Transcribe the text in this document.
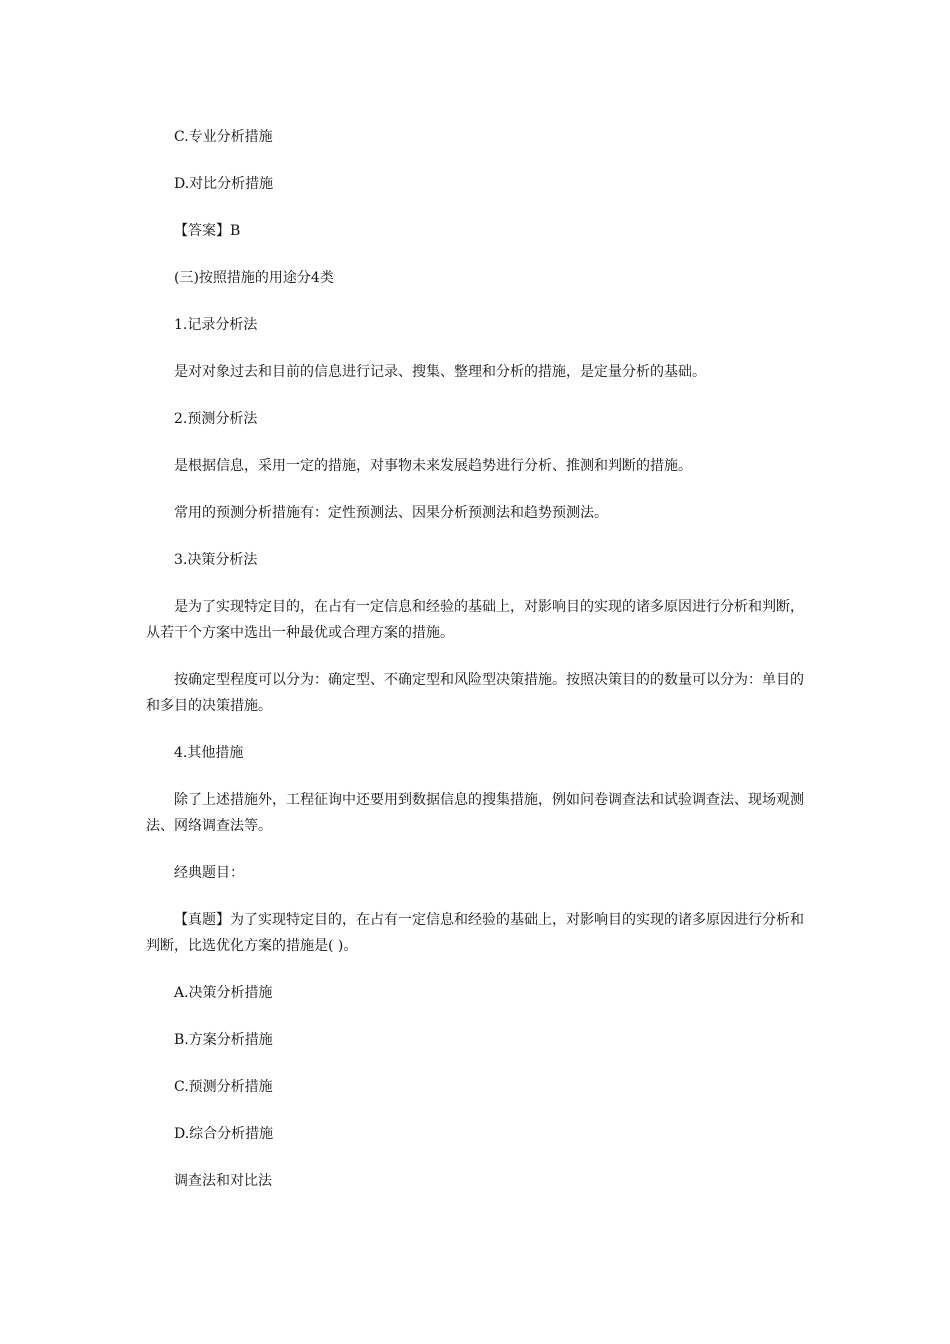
C.专业分析措施

D.对比分析措施

【答案】B

(三)按照措施的用途分4类

1.记录分析法

是对对象过去和目前的信息进行记录、搜集、整理和分析的措施，是定量分析的基础。

2.预测分析法

是根据信息，采用一定的措施，对事物未来发展趋势进行分析、推测和判断的措施。

常用的预测分析措施有：定性预测法、因果分析预测法和趋势预测法。

3.决策分析法

是为了实现特定目的，在占有一定信息和经验的基础上，对影响目的实现的诸多原因进行分析和判断，从若干个方案中选出一种最优或合理方案的措施。

按确定型程度可以分为：确定型、不确定型和风险型决策措施。按照决策目的的数量可以分为：单目的和多目的决策措施。

4.其他措施

除了上述措施外，工程征询中还要用到数据信息的搜集措施，例如问卷调查法和试验调查法、现场观测法、网络调查法等。

经典题目：

【真题】为了实现特定目的，在占有一定信息和经验的基础上，对影响目的实现的诸多原因进行分析和判断，比选优化方案的措施是( )。

A.决策分析措施

B.方案分析措施

C.预测分析措施

D.综合分析措施

调查法和对比法
